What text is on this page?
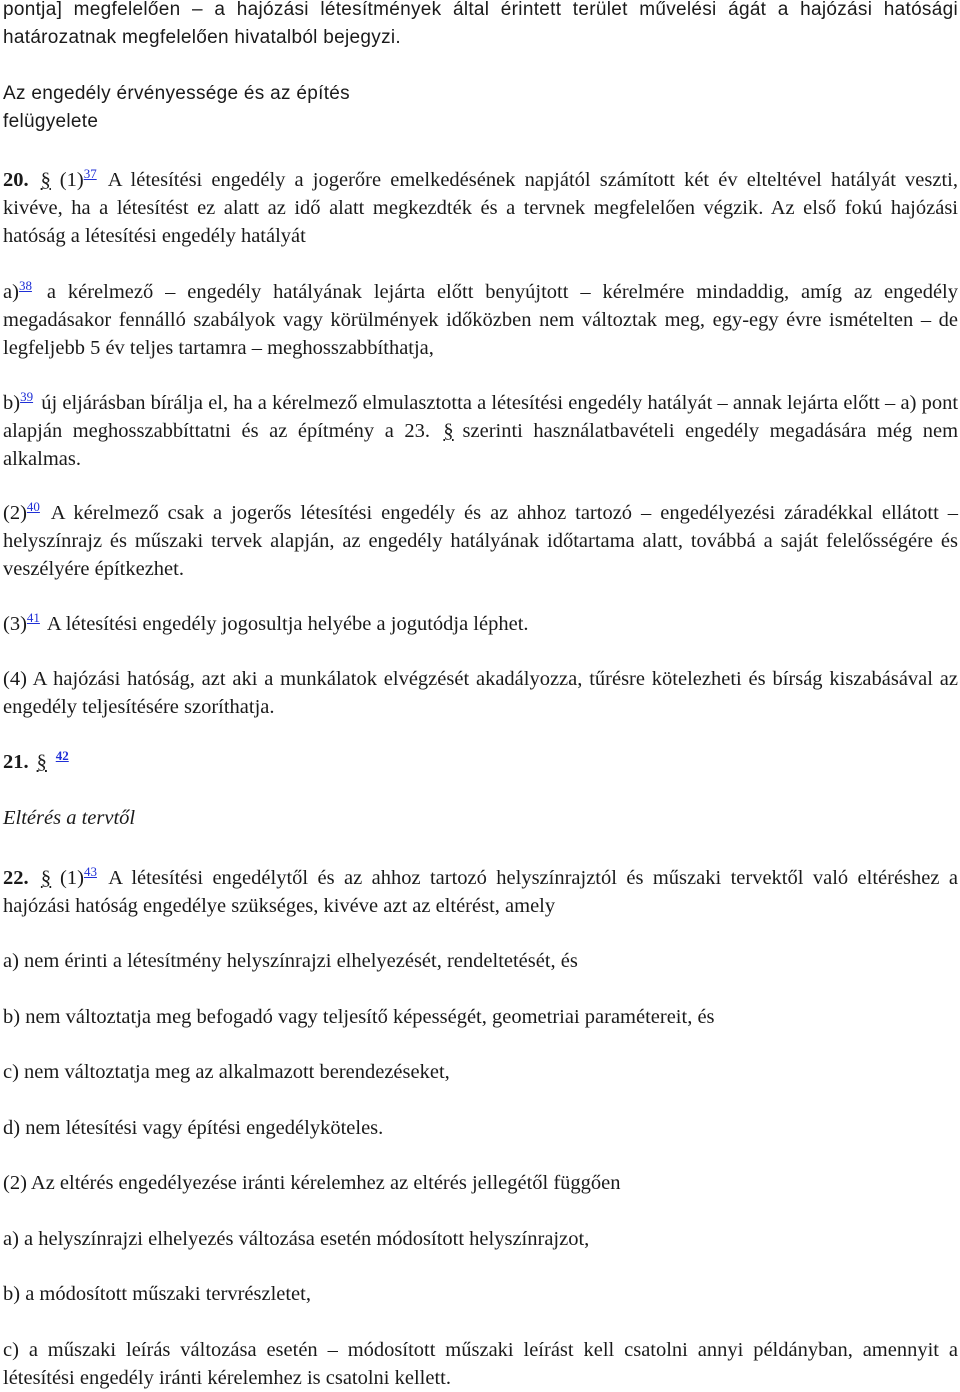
pontja] megfelelően – a hajózási létesítmények által érintett terület művelési ágát a hajózási hatósági határozatnak megfelelően hivatalból bejegyzi.

Az engedély érvényessége és az építés
felügyelete

20. § (1)$^{37}$ A létesítési engedély a jogerőre emelkedésének napjától számított két év elteltével hatályát veszti, kivéve, ha a létesítést ez alatt az idő alatt megkezdték és a tervnek megfelelően végzik. Az első fokú hajózási hatóság a létesítési engedély hatályát

a)$^{38}$ a kérelmező – engedély hatályának lejárta előtt benyújtott – kérelmére mindaddig, amíg az engedély megadásakor fennálló szabályok vagy körülmények időközben nem változtak meg, egy-egy évre ismételten – de legfeljebb 5 év teljes tartamra – meghosszabbíthatja,

b)$^{39}$ új eljárásban bírálja el, ha a kérelmező elmulasztotta a létesítési engedély hatályát – annak lejárta előtt – a) pont alapján meghosszabbíttatni és az építmény a 23. § szerinti használatbavételi engedély megadására még nem alkalmas.

(2)$^{40}$ A kérelmező csak a jogerős létesítési engedély és az ahhoz tartozó – engedélyezési záradékkal ellátott – helyszínrajz és műszaki tervek alapján, az engedély hatályának időtartama alatt, továbbá a saját felelősségére és veszélyére építkezhet.

(3)$^{41}$ A létesítési engedély jogosultja helyébe a jogutódja léphet.

(4) A hajózási hatóság, azt aki a munkálatok elvégzését akadályozza, tűrésre kötelezheti és bírság kiszabásával az engedély teljesítésére szoríthatja.

21. § $^{42}$

Eltérés a tervtől

22. § (1)$^{43}$ A létesítési engedélytől és az ahhoz tartozó helyszínrajztól és műszaki tervektől való eltéréshez a hajózási hatóság engedélye szükséges, kivéve azt az eltérést, amely

a) nem érinti a létesítmény helyszínrajzi elhelyezését, rendeltetését, és

b) nem változtatja meg befogadó vagy teljesítő képességét, geometriai paramétereit, és

c) nem változtatja meg az alkalmazott berendezéseket,

d) nem létesítési vagy építési engedélyköteles.

(2) Az eltérés engedélyezése iránti kérelemhez az eltérés jellegétől függően

a) a helyszínrajzi elhelyezés változása esetén módosított helyszínrajzot,

b) a módosított műszaki tervrészletet,

c) a műszaki leírás változása esetén – módosított műszaki leírást kell csatolni annyi példányban, amennyit a létesítési engedély iránti kérelemhez is csatolni kellett.
